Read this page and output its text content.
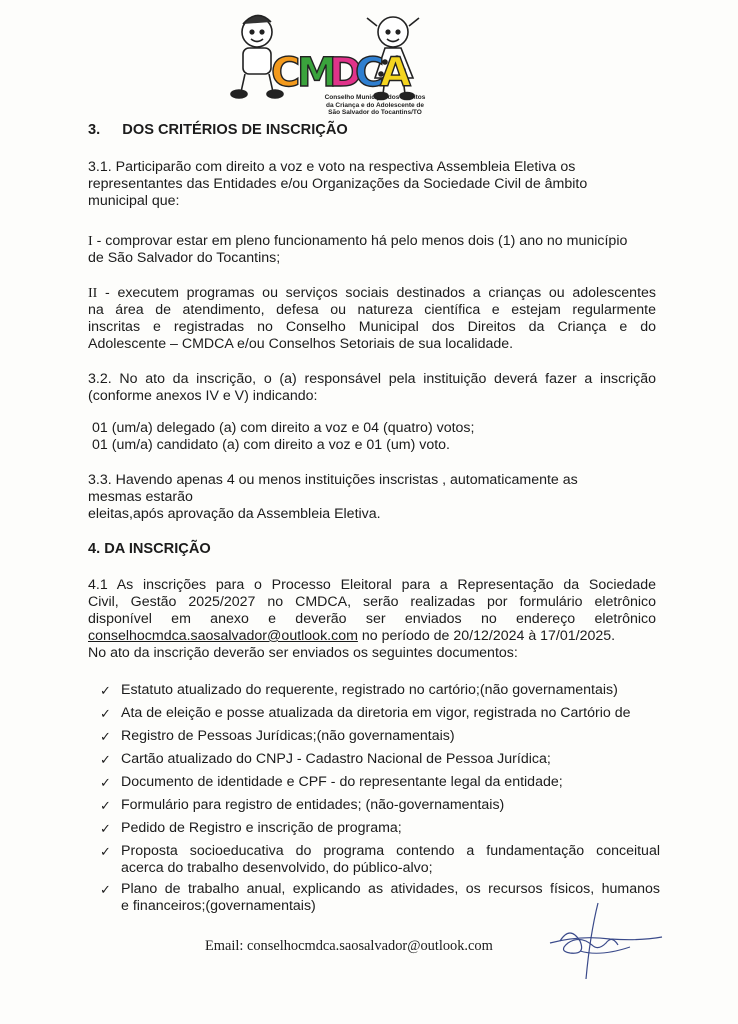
C
M
D
C
A
Conselho Municipal dos Direitos
da Criança e do Adolescente de
São Salvador do Tocantins/TO
3. DOS CRITÉRIOS DE INSCRIÇÃO
3.1. Participarão com direito a voz e voto na respectiva Assembleia Eletiva os
representantes das Entidades e/ou Organizações da Sociedade Civil de âmbito
municipal que:
I - comprovar estar em pleno funcionamento há pelo menos dois (1) ano no município
de São Salvador do Tocantins;
II - executem programas ou serviços sociais destinados a crianças ou adolescentes
na área de atendimento, defesa ou natureza científica e estejam regularmente
inscritas e registradas no Conselho Municipal dos Direitos da Criança e do
Adolescente – CMDCA e/ou Conselhos Setoriais de sua localidade.
3.2. No ato da inscrição, o (a) responsável pela instituição deverá fazer a inscrição
(conforme anexos IV e V) indicando:
01 (um/a) delegado (a) com direito a voz e 04 (quatro) votos;
01 (um/a) candidato (a) com direito a voz e 01 (um) voto.
3.3. Havendo apenas 4 ou menos instituições inscristas , automaticamente as
mesmas estarão
eleitas,após aprovação da Assembleia Eletiva.
4. DA INSCRIÇÃO
4.1 As inscrições para o Processo Eleitoral para a Representação da Sociedade
Civil, Gestão 2025/2027 no CMDCA, serão realizadas por formulário eletrônico
disponível em anexo e deverão ser enviados no endereço eletrônico
conselhocmdca.saosalvador@outlook.com no período de 20/12/2024 à 17/01/2025.
No ato da inscrição deverão ser enviados os seguintes documentos:
✓ Estatuto atualizado do requerente, registrado no cartório;(não governamentais)
✓ Ata de eleição e posse atualizada da diretoria em vigor, registrada no Cartório de
✓ Registro de Pessoas Jurídicas;(não governamentais)
✓ Cartão atualizado do CNPJ - Cadastro Nacional de Pessoa Jurídica;
✓ Documento de identidade e CPF - do representante legal da entidade;
✓ Formulário para registro de entidades; (não-governamentais)
✓ Pedido de Registro e inscrição de programa;
✓ Proposta socioeducativa do programa contendo a fundamentação conceitual
acerca do trabalho desenvolvido, do público-alvo;
✓ Plano de trabalho anual, explicando as atividades, os recursos físicos, humanos
e financeiros;(governamentais)
Email: conselhocmdca.saosalvador@outlook.com
